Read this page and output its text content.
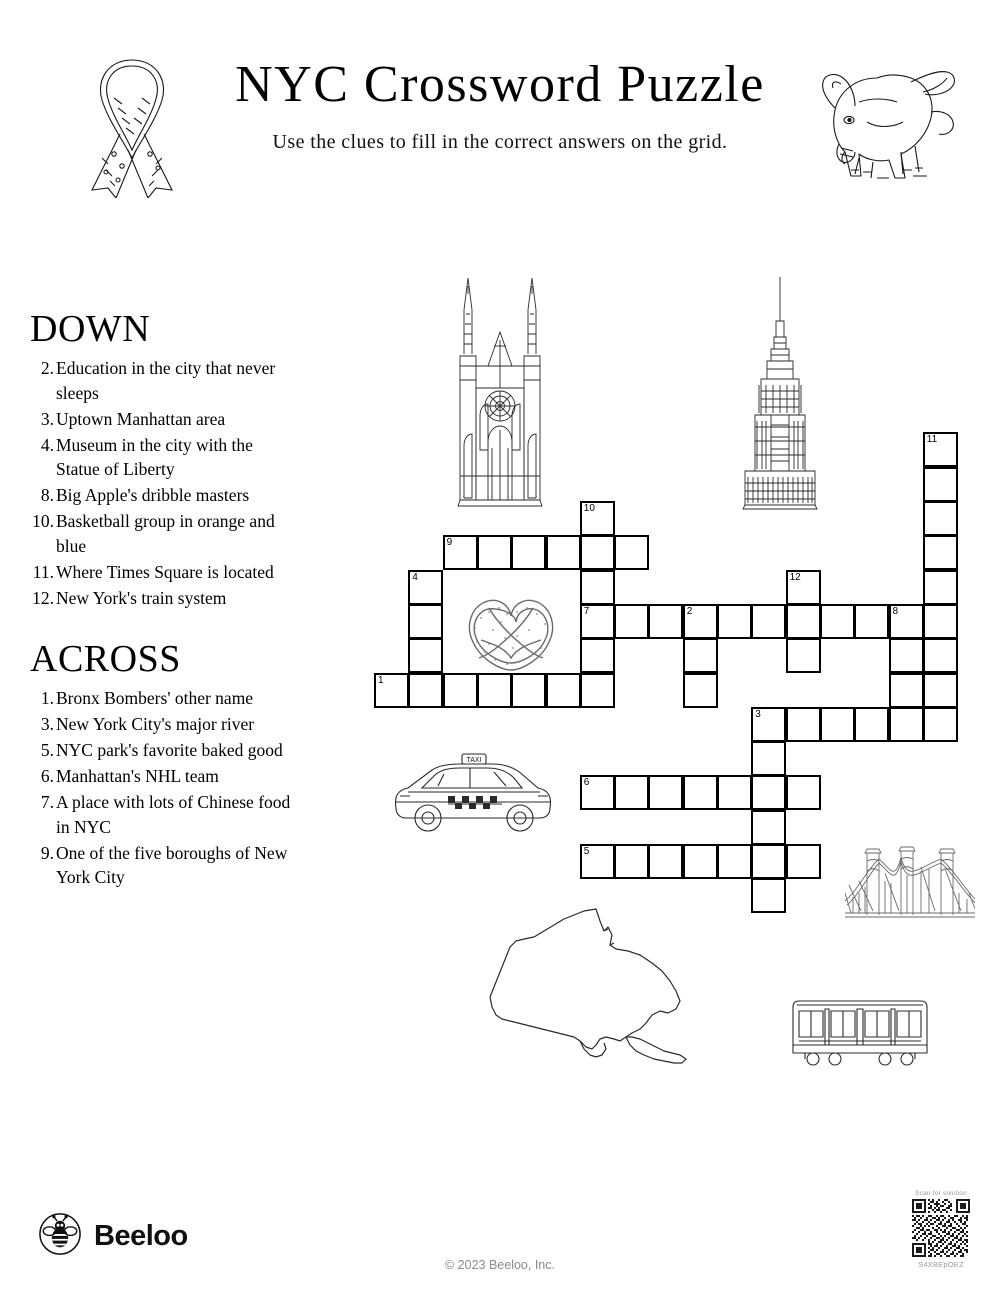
NYC Crossword Puzzle
Use the clues to fill in the correct answers on the grid.
DOWN
2. Education in the city that never sleeps
3. Uptown Manhattan area
4. Museum in the city with the Statue of Liberty
8. Big Apple's dribble masters
10. Basketball group in orange and blue
11. Where Times Square is located
12. New York's train system
ACROSS
1. Bronx Bombers' other name
3. New York City's major river
5. NYC park's favorite baked good
6. Manhattan's NHL team
7. A place with lots of Chinese food in NYC
9. One of the five boroughs of New York City
10
9
4	12
7	2	8
1
3
6
5
11
TAXI
Beeloo
© 2023 Beeloo, Inc.
Scan for solution
S4XBEpOEZ
